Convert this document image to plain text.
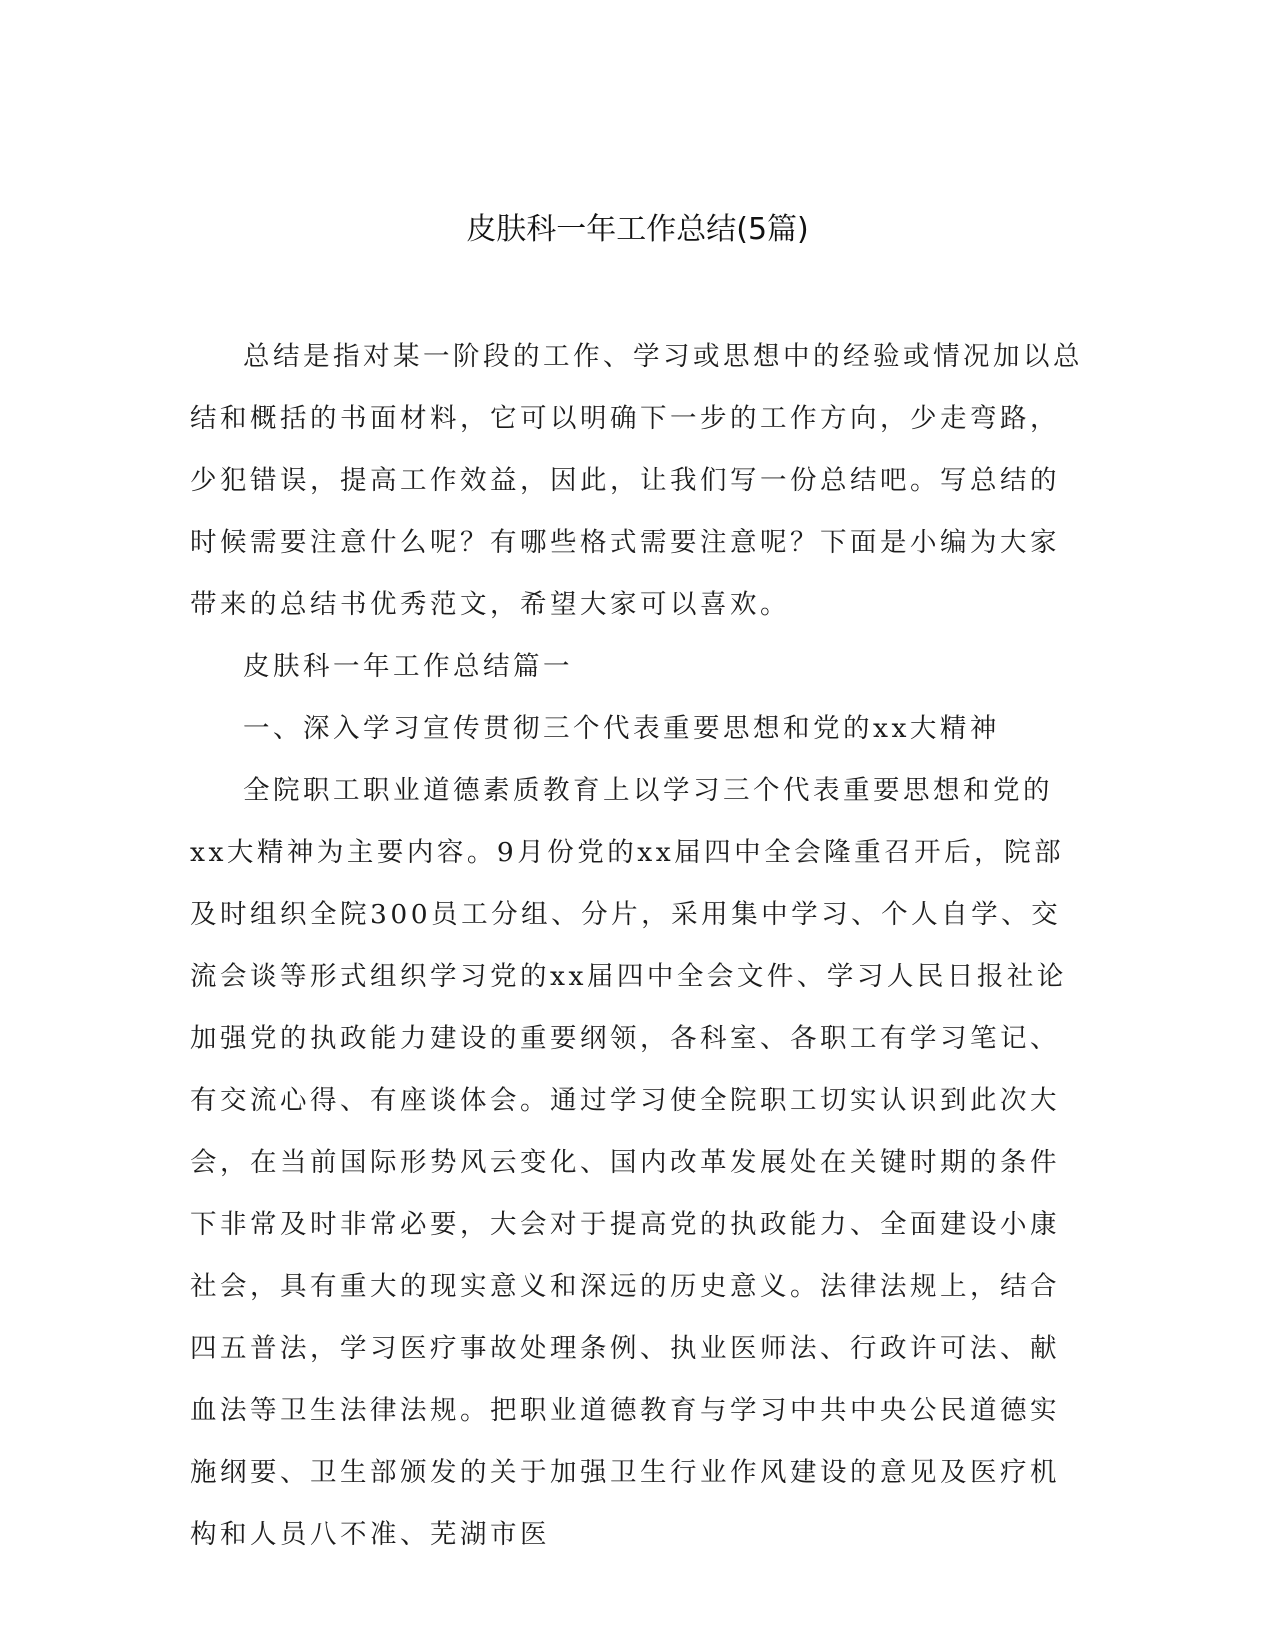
皮肤科一年工作总结(5篇)

总结是指对某一阶段的工作、学习或思想中的经验或情况加以总结和概括的书面材料，它可以明确下一步的工作方向，少走弯路，少犯错误，提高工作效益，因此，让我们写一份总结吧。写总结的时候需要注意什么呢？有哪些格式需要注意呢？下面是小编为大家带来的总结书优秀范文，希望大家可以喜欢。

皮肤科一年工作总结篇一

一、深入学习宣传贯彻三个代表重要思想和党的xx大精神

全院职工职业道德素质教育上以学习三个代表重要思想和党的xx大精神为主要内容。9月份党的xx届四中全会隆重召开后，院部及时组织全院300员工分组、分片，采用集中学习、个人自学、交流会谈等形式组织学习党的xx届四中全会文件、学习人民日报社论加强党的执政能力建设的重要纲领，各科室、各职工有学习笔记、有交流心得、有座谈体会。通过学习使全院职工切实认识到此次大会，在当前国际形势风云变化、国内改革发展处在关键时期的条件下非常及时非常必要，大会对于提高党的执政能力、全面建设小康社会，具有重大的现实意义和深远的历史意义。法律法规上，结合四五普法，学习医疗事故处理条例、执业医师法、行政许可法、献血法等卫生法律法规。把职业道德教育与学习中共中央公民道德实施纲要、卫生部颁发的关于加强卫生行业作风建设的意见及医疗机构和人员八不准、芜湖市医
